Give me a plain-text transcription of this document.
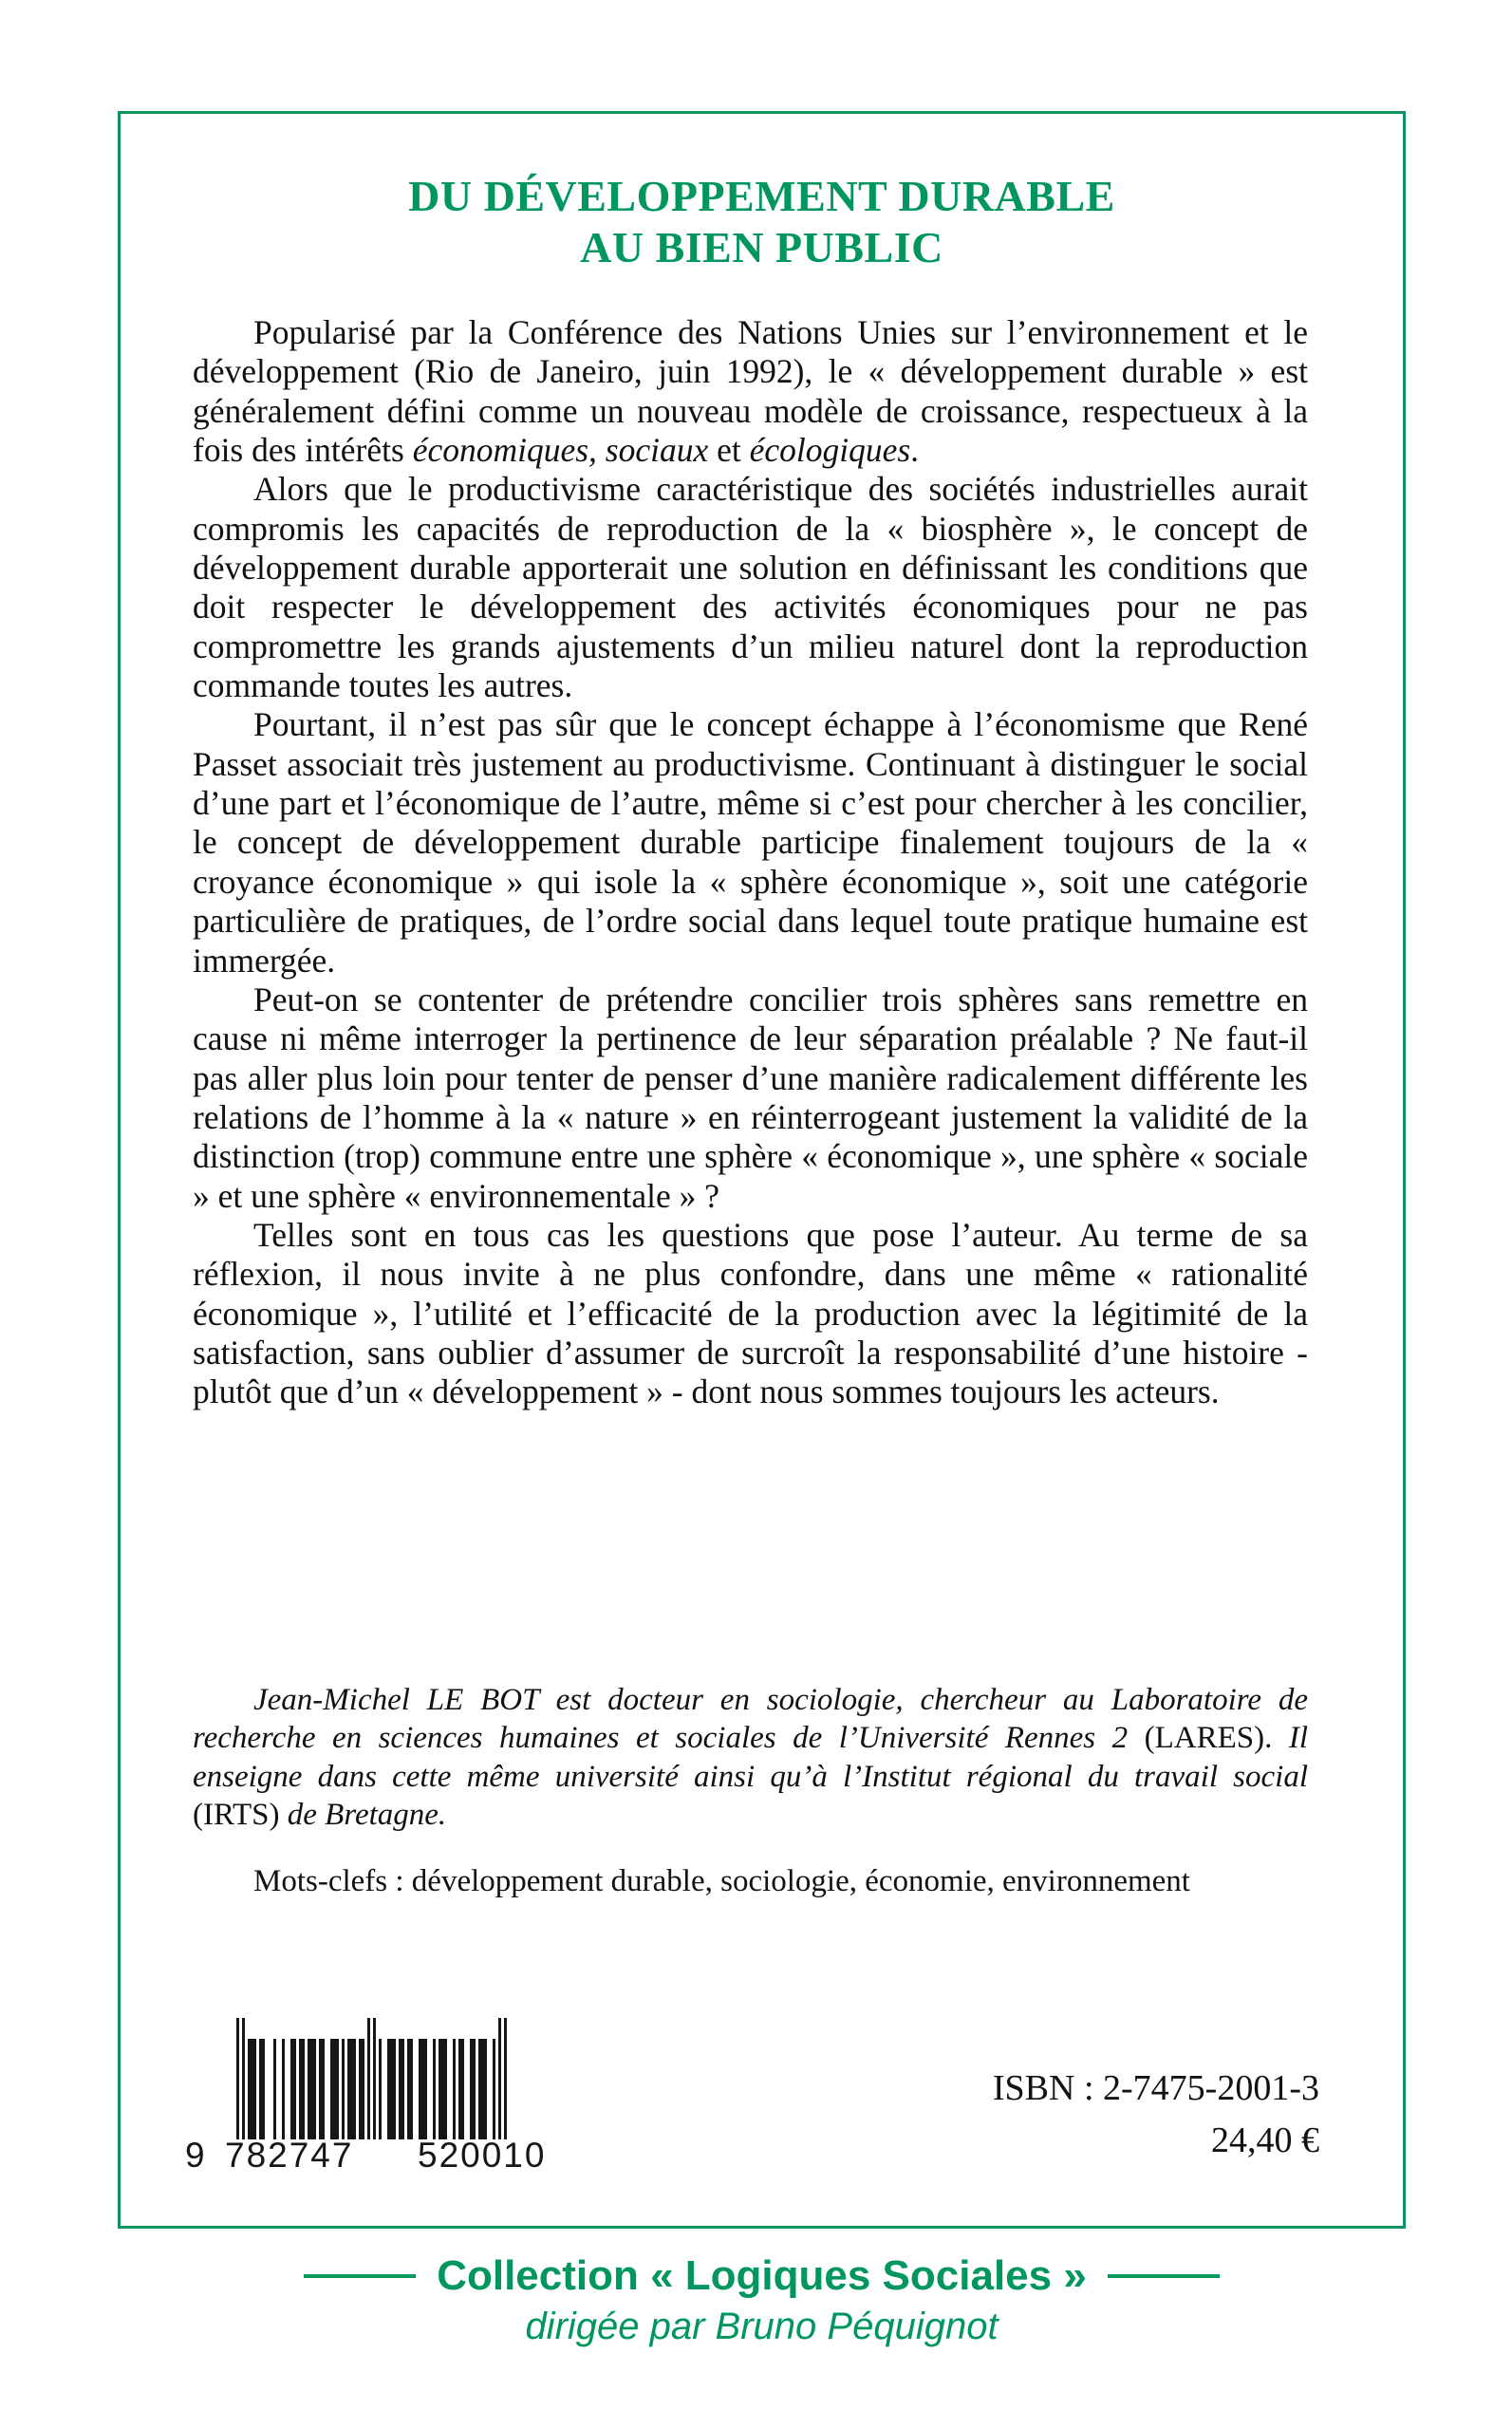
DU DÉVELOPPEMENT DURABLE
AU BIEN PUBLIC

Popularisé par la Conférence des Nations Unies sur l’environnement et le développement (Rio de Janeiro, juin 1992), le « développement durable » est généralement défini comme un nouveau modèle de croissance, respectueux à la fois des intérêts économiques, sociaux et écologiques.

Alors que le productivisme caractéristique des sociétés industrielles aurait compromis les capacités de reproduction de la « biosphère », le concept de développement durable apporterait une solution en définissant les conditions que doit respecter le développement des activités économiques pour ne pas compromettre les grands ajustements d’un milieu naturel dont la reproduction commande toutes les autres.

Pourtant, il n’est pas sûr que le concept échappe à l’économisme que René Passet associait très justement au productivisme. Continuant à distinguer le social d’une part et l’économique de l’autre, même si c’est pour chercher à les concilier, le concept de développement durable participe finalement toujours de la « croyance économique » qui isole la « sphère économique », soit une catégorie particulière de pratiques, de l’ordre social dans lequel toute pratique humaine est immergée.

Peut-on se contenter de prétendre concilier trois sphères sans remettre en cause ni même interroger la pertinence de leur séparation préalable ? Ne faut-il pas aller plus loin pour tenter de penser d’une manière radicalement différente les relations de l’homme à la « nature » en réinterrogeant justement la validité de la distinction (trop) commune entre une sphère « économique », une sphère « sociale » et une sphère « environnementale » ?

Telles sont en tous cas les questions que pose l’auteur. Au terme de sa réflexion, il nous invite à ne plus confondre, dans une même « rationalité économique », l’utilité et l’efficacité de la production avec la légitimité de la satisfaction, sans oublier d’assumer de surcroît la responsabilité d’une histoire - plutôt que d’un « développement » - dont nous sommes toujours les acteurs.

Jean-Michel LE BOT est docteur en sociologie, chercheur au Laboratoire de recherche en sciences humaines et sociales de l’Université Rennes 2 (LARES). Il enseigne dans cette même université ainsi qu’à l’Institut régional du travail social (IRTS) de Bretagne.

Mots-clefs : développement durable, sociologie, économie, environnement
9 782747 520010
ISBN : 2-7475-2001-3
24,40 €
Collection « Logiques Sociales »
dirigée par Bruno Péquignot
